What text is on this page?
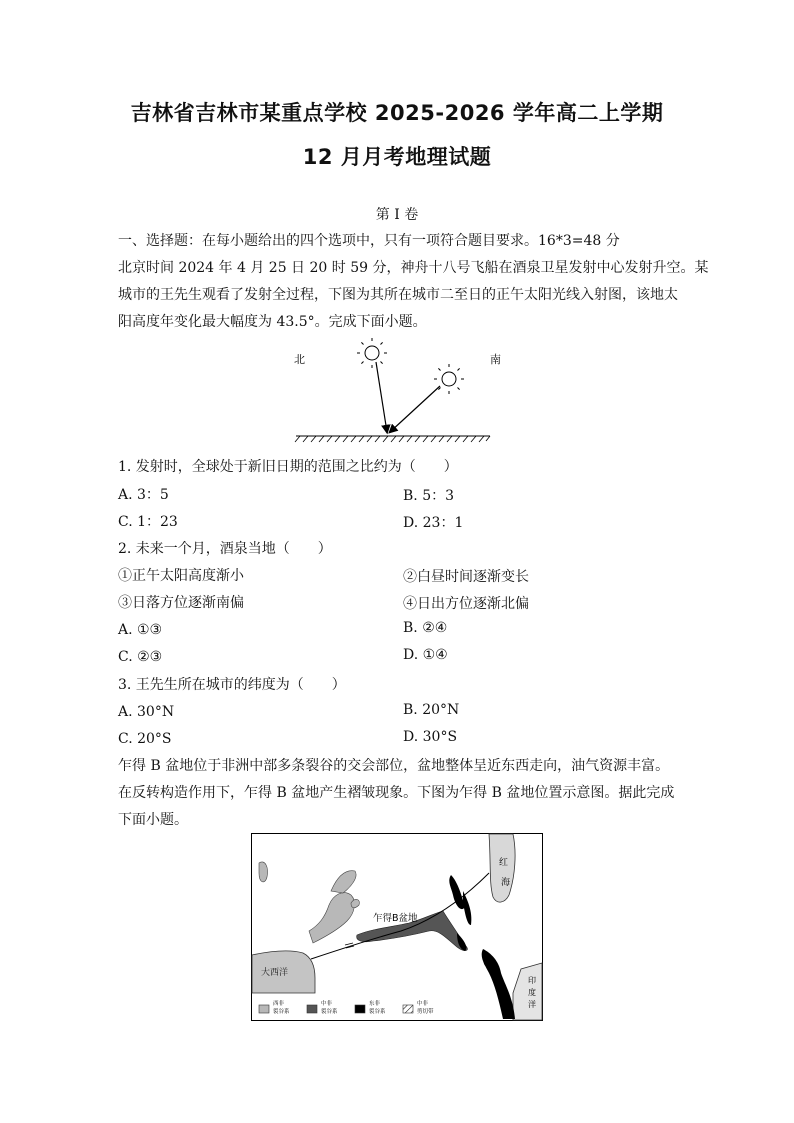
吉林省吉林市某重点学校 2025-2026 学年高二上学期
12 月月考地理试题
第 I 卷
一、选择题：在每小题给出的四个选项中，只有一项符合题目要求。16*3=48 分
北京时间 2024 年 4 月 25 日 20 时 59 分，神舟十八号飞船在酒泉卫星发射中心发射升空。某
城市的王先生观看了发射全过程，下图为其所在城市二至日的正午太阳光线入射图，该地太
阳高度年变化最大幅度为 43.5°。完成下面小题。
北	南
1. 发射时，全球处于新旧日期的范围之比约为（　　）
A. 3：5	B. 5：3
C. 1：23	D. 23：1
2. 未来一个月，酒泉当地（　　）
①正午太阳高度渐小	②白昼时间逐渐变长
③日落方位逐渐南偏	④日出方位逐渐北偏
A. ①③	B. ②④
C. ②③	D. ①④
3. 王先生所在城市的纬度为（　　）
A. 30°N	B. 20°N
C. 20°S	D. 30°S
乍得 B 盆地位于非洲中部多条裂谷的交会部位，盆地整体呈近东西走向，油气资源丰富。
在反转构造作用下，乍得 B 盆地产生褶皱现象。下图为乍得 B 盆地位置示意图。据此完成
下面小题。
大西洋
红
海
印
度
洋
乍得B盆地
西非
裂谷系
中非
裂谷系
东非
裂谷系
中非
剪切带
